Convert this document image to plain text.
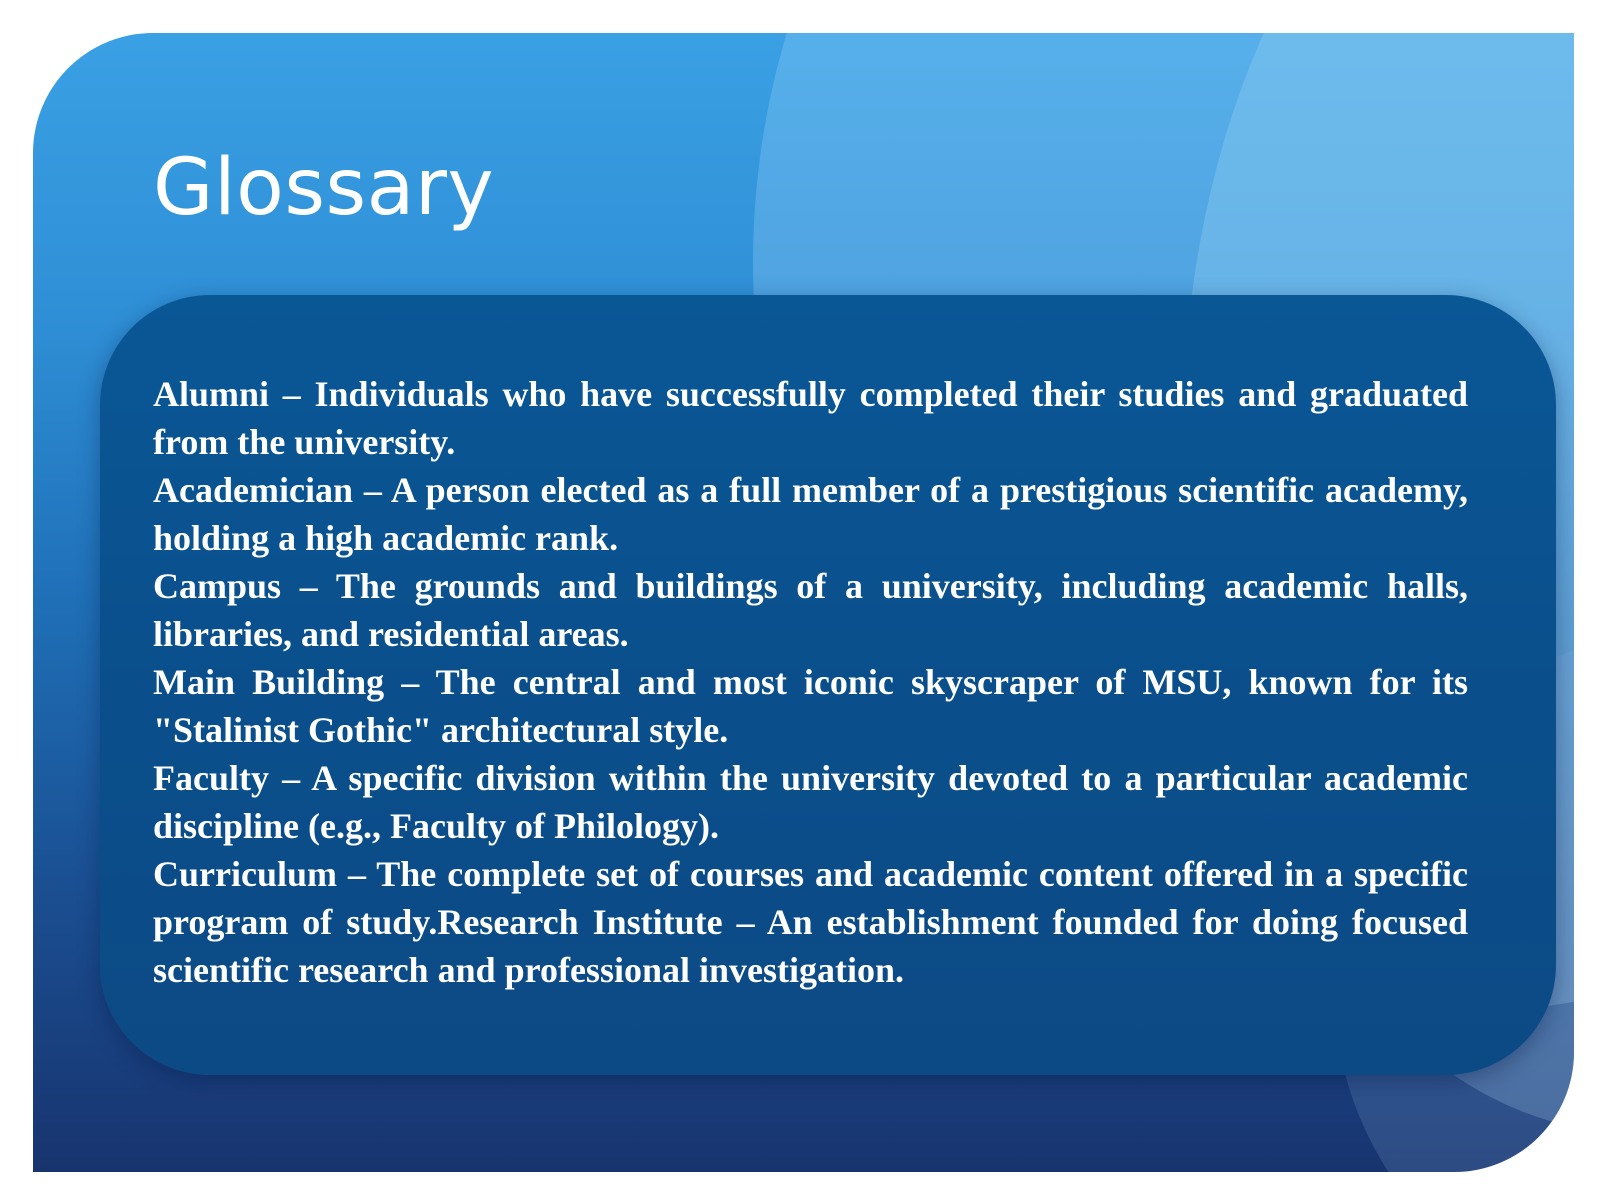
Glossary

Alumni – Individuals who have successfully completed their studies and graduated from the university.

Academician – A person elected as a full member of a prestigious scientific academy, holding a high academic rank.

Campus – The grounds and buildings of a university, including academic halls, libraries, and residential areas.

Main Building – The central and most iconic skyscraper of MSU, known for its "Stalinist Gothic" architectural style.

Faculty – A specific division within the university devoted to a particular academic discipline (e.g., Faculty of Philology).

Curriculum – The complete set of courses and academic content offered in a specific program of study.Research Institute – An establishment founded for doing focused scientific research and professional investigation.
